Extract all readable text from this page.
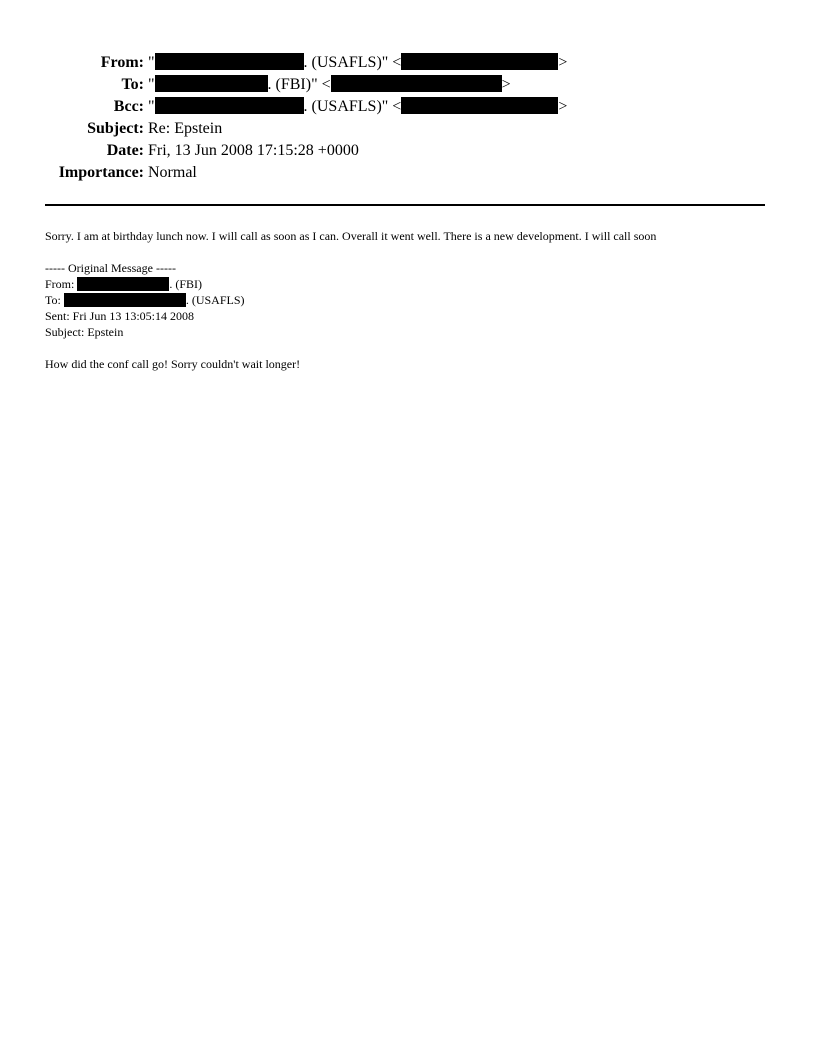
From: "	. (USAFLS)" <	>
To: "	. (FBI)" <	>
Bcc: "	. (USAFLS)" <	>
Subject: Re: Epstein
Date: Fri, 13 Jun 2008 17:15:28 +0000
Importance: Normal
Sorry. I am at birthday lunch now. I will call as soon as I can. Overall it went well. There is a new development. I will call soon
----- Original Message -----
From:	. (FBI)
To:	. (USAFLS)
Sent: Fri Jun 13 13:05:14 2008
Subject: Epstein
How did the conf call go! Sorry couldn't wait longer!
